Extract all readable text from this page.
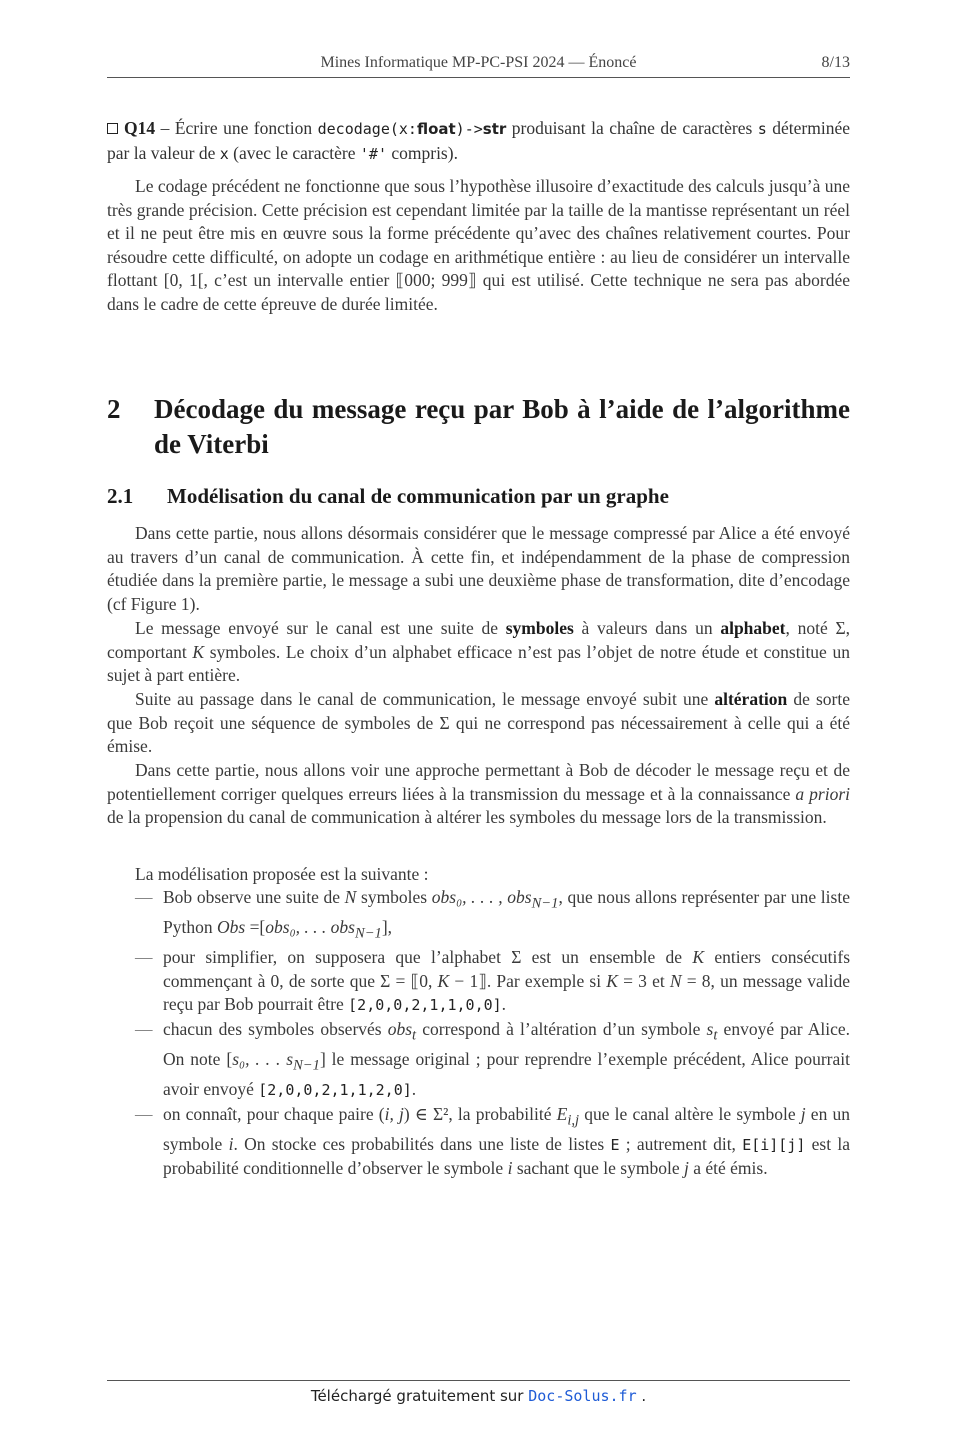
Mines Informatique MP-PC-PSI 2024 — Énoncé	8/13
Q14 – Écrire une fonction decodage(x:float)->str produisant la chaîne de caractères s déterminée par la valeur de x (avec le caractère '#' compris).
Le codage précédent ne fonctionne que sous l’hypothèse illusoire d’exactitude des calculs jusqu’à une très grande précision. Cette précision est cependant limitée par la taille de la mantisse représentant un réel et il ne peut être mis en œuvre sous la forme précédente qu’avec des chaînes relativement courtes. Pour résoudre cette difficulté, on adopte un codage en arithmétique entière : au lieu de considérer un intervalle flottant [0, 1[, c’est un intervalle entier ⟦000; 999⟧ qui est utilisé. Cette technique ne sera pas abordée dans le cadre de cette épreuve de durée limitée.
2 Décodage du message reçu par Bob à l’aide de l’algorithme de Viterbi
2.1 Modélisation du canal de communication par un graphe
Dans cette partie, nous allons désormais considérer que le message compressé par Alice a été envoyé au travers d’un canal de communication. À cette fin, et indépendamment de la phase de compression étudiée dans la première partie, le message a subi une deuxième phase de transformation, dite d’encodage (cf Figure 1).
Le message envoyé sur le canal est une suite de symboles à valeurs dans un alphabet, noté Σ, comportant K symboles. Le choix d’un alphabet efficace n’est pas l’objet de notre étude et constitue un sujet à part entière.
Suite au passage dans le canal de communication, le message envoyé subit une altération de sorte que Bob reçoit une séquence de symboles de Σ qui ne correspond pas nécessairement à celle qui a été émise.
Dans cette partie, nous allons voir une approche permettant à Bob de décoder le message reçu et de potentiellement corriger quelques erreurs liées à la transmission du message et à la connaissance a priori de la propension du canal de communication à altérer les symboles du message lors de la transmission.
La modélisation proposée est la suivante :
— Bob observe une suite de N symboles obs₀, . . . , obs$_{N-1}$, que nous allons représenter par une liste Python Obs =[obs₀, . . . obs$_{N-1}$],
— pour simplifier, on supposera que l’alphabet Σ est un ensemble de K entiers consécutifs commençant à 0, de sorte que Σ = ⟦0, K − 1⟧. Par exemple si K = 3 et N = 8, un message valide reçu par Bob pourrait être [2,0,0,2,1,1,0,0].
— chacun des symboles observés obs$_t$ correspond à l’altération d’un symbole $s_t$ envoyé par Alice. On note [s₀, . . . $s_{N-1}$] le message original ; pour reprendre l’exemple précédent, Alice pourrait avoir envoyé [2,0,0,2,1,1,2,0].
— on connaît, pour chaque paire (i, j) ∈ Σ², la probabilité $E_{i,j}$ que le canal altère le symbole j en un symbole i. On stocke ces probabilités dans une liste de listes E ; autrement dit, E[i][j] est la probabilité conditionnelle d’observer le symbole i sachant que le symbole j a été émis.
Téléchargé gratuitement sur Doc-Solus.fr .
